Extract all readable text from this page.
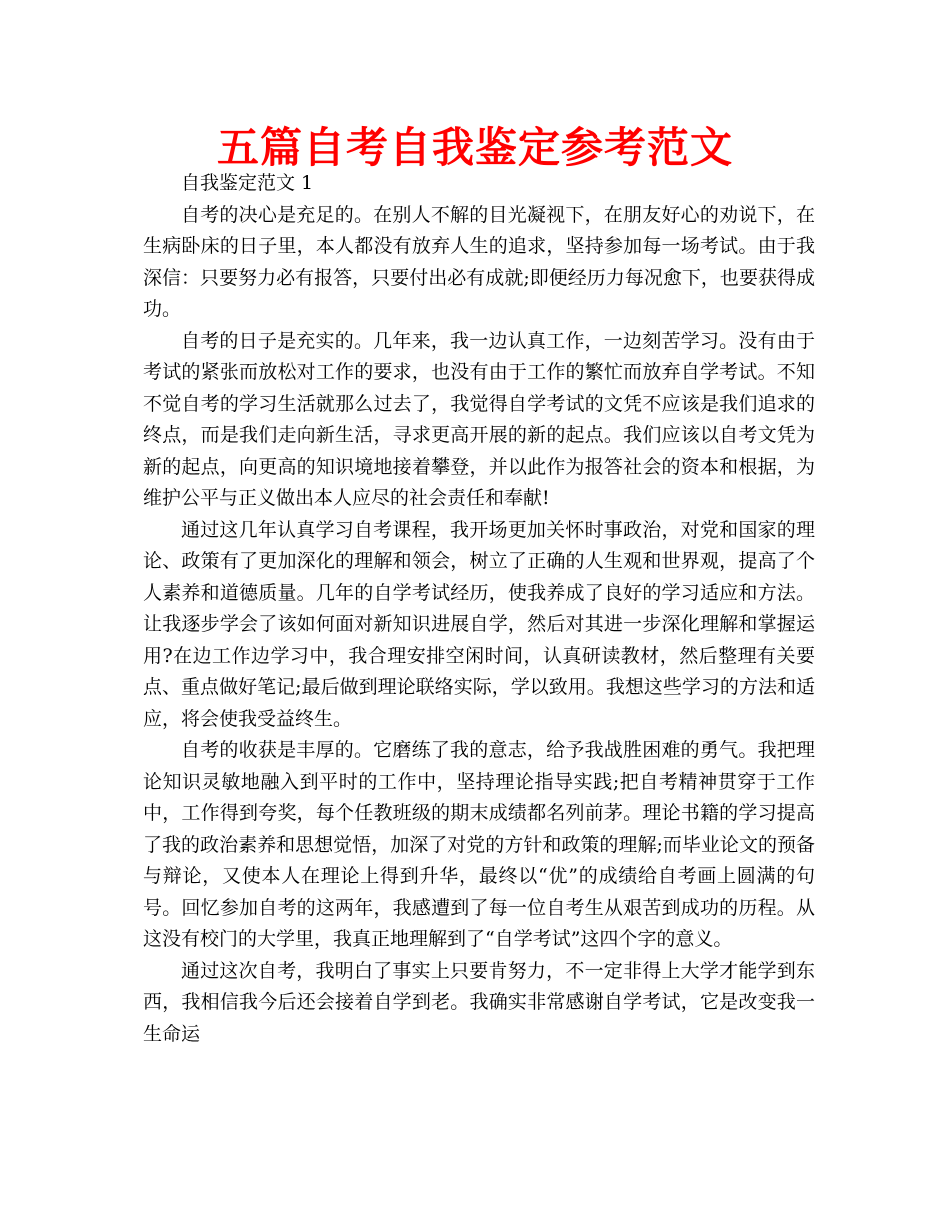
五篇自考自我鉴定参考范文

自我鉴定范文 1

自考的决心是充足的。在别人不解的目光凝视下，在朋友好心的劝说下，在生病卧床的日子里，本人都没有放弃人生的追求，坚持参加每一场考试。由于我深信：只要努力必有报答，只要付出必有成就;即便经历力每况愈下，也要获得成功。

自考的日子是充实的。几年来，我一边认真工作，一边刻苦学习。没有由于考试的紧张而放松对工作的要求，也没有由于工作的繁忙而放弃自学考试。不知不觉自考的学习生活就那么过去了，我觉得自学考试的文凭不应该是我们追求的终点，而是我们走向新生活，寻求更高开展的新的起点。我们应该以自考文凭为新的起点，向更高的知识境地接着攀登，并以此作为报答社会的资本和根据，为维护公平与正义做出本人应尽的社会责任和奉献!

通过这几年认真学习自考课程，我开场更加关怀时事政治，对党和国家的理论、政策有了更加深化的理解和领会，树立了正确的人生观和世界观，提高了个人素养和道德质量。几年的自学考试经历，使我养成了良好的学习适应和方法。让我逐步学会了该如何面对新知识进展自学，然后对其进一步深化理解和掌握运用?在边工作边学习中，我合理安排空闲时间，认真研读教材，然后整理有关要点、重点做好笔记;最后做到理论联络实际，学以致用。我想这些学习的方法和适应，将会使我受益终生。

自考的收获是丰厚的。它磨练了我的意志，给予我战胜困难的勇气。我把理论知识灵敏地融入到平时的工作中，坚持理论指导实践;把自考精神贯穿于工作中，工作得到夸奖，每个任教班级的期末成绩都名列前茅。理论书籍的学习提高了我的政治素养和思想觉悟，加深了对党的方针和政策的理解;而毕业论文的预备与辩论，又使本人在理论上得到升华，最终以“优”的成绩给自考画上圆满的句号。回忆参加自考的这两年，我感遭到了每一位自考生从艰苦到成功的历程。从这没有校门的大学里，我真正地理解到了“自学考试”这四个字的意义。

通过这次自考，我明白了事实上只要肯努力，不一定非得上大学才能学到东西，我相信我今后还会接着自学到老。我确实非常感谢自学考试，它是改变我一生命运
